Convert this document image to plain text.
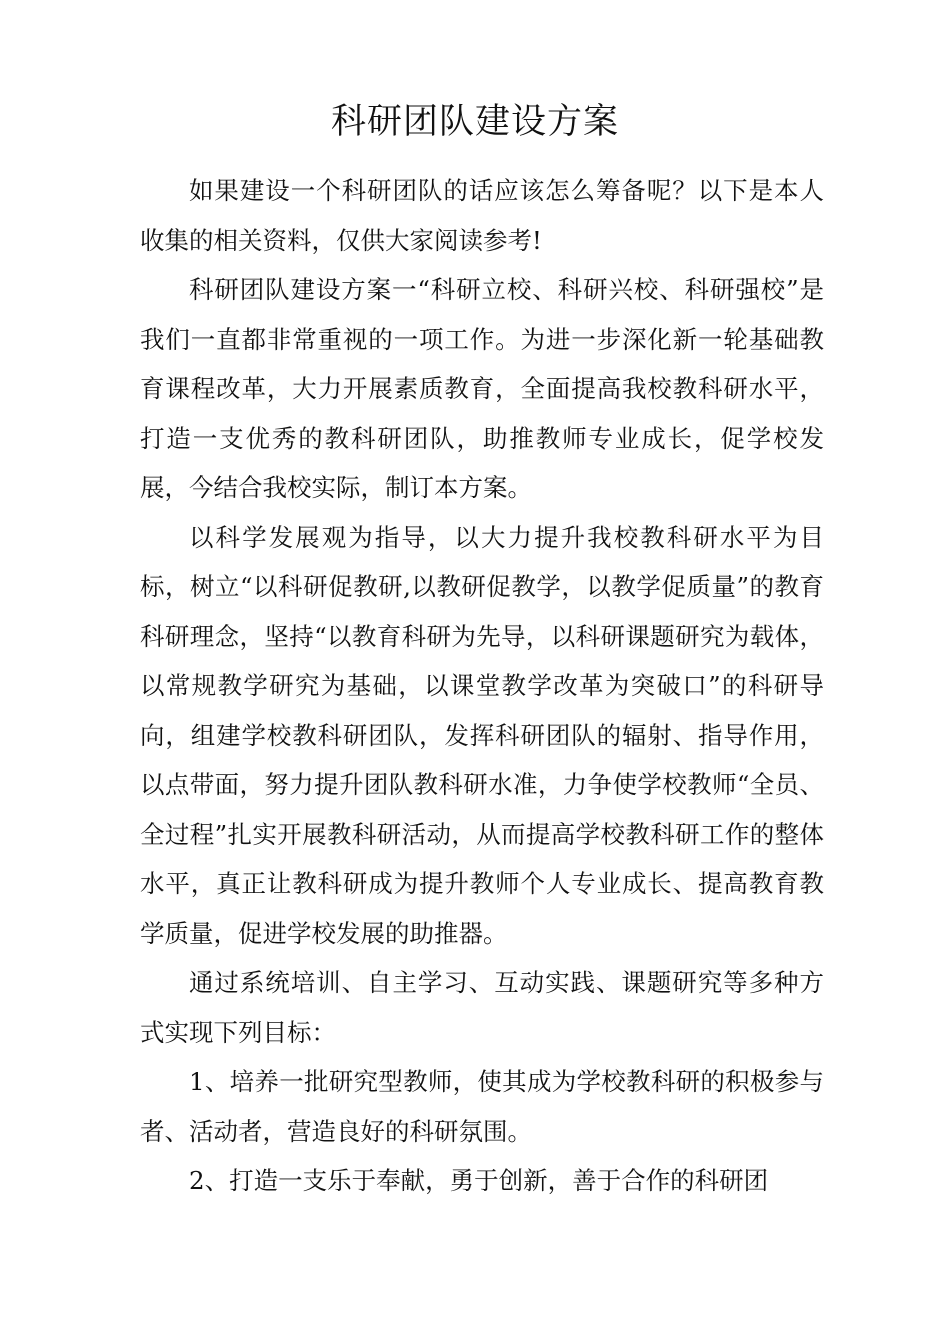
科研团队建设方案

如果建设一个科研团队的话应该怎么筹备呢？以下是本人收集的相关资料，仅供大家阅读参考!

科研团队建设方案一“科研立校、科研兴校、科研强校”是我们一直都非常重视的一项工作。为进一步深化新一轮基础教育课程改革，大力开展素质教育，全面提高我校教科研水平，打造一支优秀的教科研团队，助推教师专业成长，促学校发展，今结合我校实际，制订本方案。

以科学发展观为指导，以大力提升我校教科研水平为目标，树立“以科研促教研,以教研促教学，以教学促质量”的教育科研理念，坚持“以教育科研为先导，以科研课题研究为载体，以常规教学研究为基础，以课堂教学改革为突破口”的科研导向，组建学校教科研团队，发挥科研团队的辐射、指导作用，以点带面，努力提升团队教科研水准，力争使学校教师“全员、全过程”扎实开展教科研活动，从而提高学校教科研工作的整体水平，真正让教科研成为提升教师个人专业成长、提高教育教学质量，促进学校发展的助推器。

通过系统培训、自主学习、互动实践、课题研究等多种方式实现下列目标：

1、培养一批研究型教师，使其成为学校教科研的积极参与者、活动者，营造良好的科研氛围。

2、打造一支乐于奉献，勇于创新，善于合作的科研团
